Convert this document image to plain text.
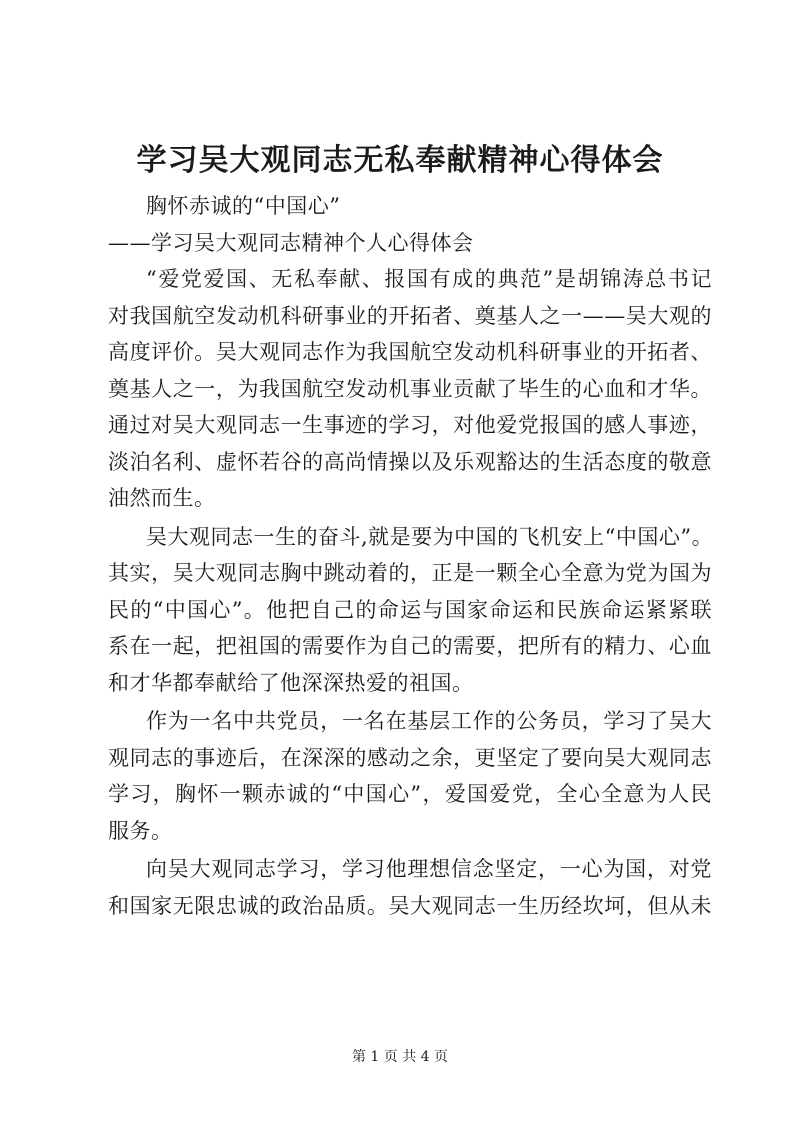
学习吴大观同志无私奉献精神心得体会
胸怀赤诚的“中国心”
——学习吴大观同志精神个人心得体会
“爱党爱国、无私奉献、报国有成的典范”是胡锦涛总书记
对我国航空发动机科研事业的开拓者、奠基人之一——吴大观的
高度评价。吴大观同志作为我国航空发动机科研事业的开拓者、
奠基人之一，为我国航空发动机事业贡献了毕生的心血和才华。
通过对吴大观同志一生事迹的学习，对他爱党报国的感人事迹，
淡泊名利、虚怀若谷的高尚情操以及乐观豁达的生活态度的敬意
油然而生。
吴大观同志一生的奋斗,就是要为中国的飞机安上“中国心”。
其实，吴大观同志胸中跳动着的，正是一颗全心全意为党为国为
民的“中国心”。他把自己的命运与国家命运和民族命运紧紧联
系在一起，把祖国的需要作为自己的需要，把所有的精力、心血
和才华都奉献给了他深深热爱的祖国。
作为一名中共党员，一名在基层工作的公务员，学习了吴大
观同志的事迹后，在深深的感动之余，更坚定了要向吴大观同志
学习，胸怀一颗赤诚的“中国心”，爱国爱党，全心全意为人民
服务。
向吴大观同志学习，学习他理想信念坚定，一心为国，对党
和国家无限忠诚的政治品质。吴大观同志一生历经坎坷，但从未
第 1 页 共 4 页
